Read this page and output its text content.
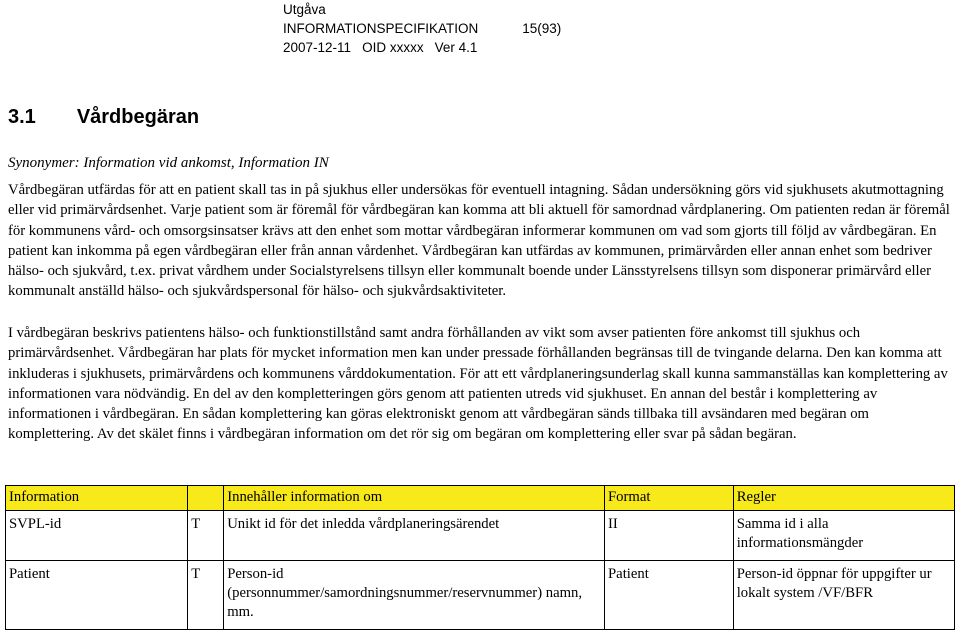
Utgåva
INFORMATIONSPECIFIKATION	15(93)
2007-12-11 OID xxxxx Ver 4.1
3.1 Vårdbegäran
Synonymer: Information vid ankomst, Information IN
Vårdbegäran utfärdas för att en patient skall tas in på sjukhus eller undersökas för eventuell intagning. Sådan undersökning görs vid sjukhusets akutmottagning eller vid primärvårdsenhet. Varje patient som är föremål för vårdbegäran kan komma att bli aktuell för samordnad vårdplanering. Om patienten redan är föremål för kommunens vård- och omsorgsinsatser krävs att den enhet som mottar vårdbegäran informerar kommunen om vad som gjorts till följd av vårdbegäran. En patient kan inkomma på egen vårdbegäran eller från annan vårdenhet. Vårdbegäran kan utfärdas av kommunen, primärvården eller annan enhet som bedriver hälso- och sjukvård, t.ex. privat vårdhem under Socialstyrelsens tillsyn eller kommunalt boende under Länsstyrelsens tillsyn som disponerar primärvård eller kommunalt anställd hälso- och sjukvårdspersonal för hälso- och sjukvårdsaktiviteter.
I vårdbegäran beskrivs patientens hälso- och funktionstillstånd samt andra förhållanden av vikt som avser patienten före ankomst till sjukhus och primärvårdsenhet. Vårdbegäran har plats för mycket information men kan under pressade förhållanden begränsas till de tvingande delarna. Den kan komma att inkluderas i sjukhusets, primärvårdens och kommunens vårddokumentation. För att ett vårdplaneringsunderlag skall kunna sammanställas kan komplettering av informationen vara nödvändig. En del av den kompletteringen görs genom att patienten utreds vid sjukhuset. En annan del består i komplettering av informationen i vårdbegäran. En sådan komplettering kan göras elektroniskt genom att vårdbegäran sänds tillbaka till avsändaren med begäran om komplettering. Av det skälet finns i vårdbegäran information om det rör sig om begäran om komplettering eller svar på sådan begäran.
Information		Innehåller information om	Format	Regler
SVPL-id	T	Unikt id för det inledda vårdplaneringsärendet	II	Samma id i alla informationsmängder
Patient	T	Person-id (personnummer/samordningsnummer/reservnummer) namn, mm.	Patient	Person-id öppnar för uppgifter ur lokalt system /VF/BFR
